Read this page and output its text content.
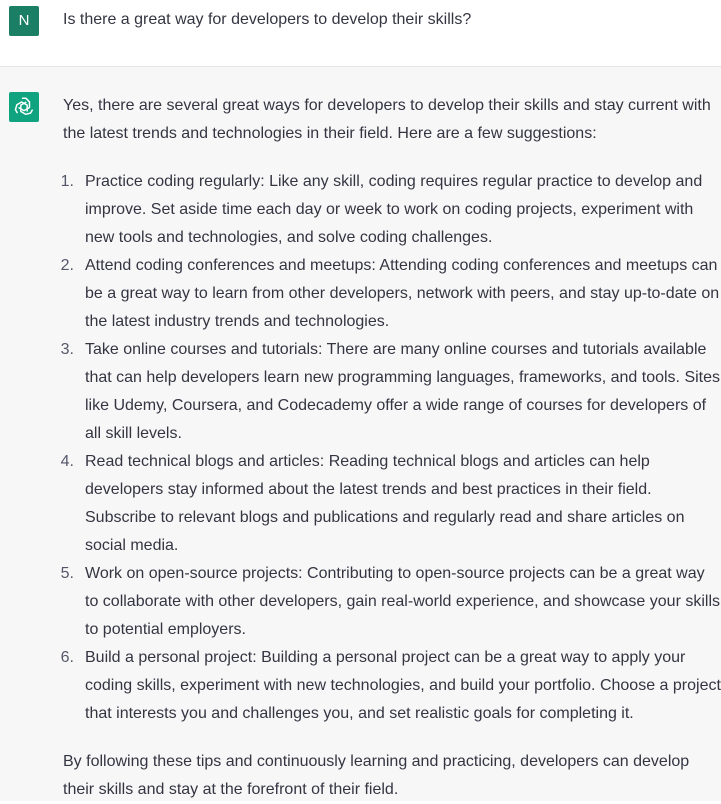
N	Is there a great way for developers to develop their skills?

Yes, there are several great ways for developers to develop their skills and stay current with the latest trends and technologies in their field. Here are a few suggestions:

1. Practice coding regularly: Like any skill, coding requires regular practice to develop and improve. Set aside time each day or week to work on coding projects, experiment with new tools and technologies, and solve coding challenges.
2. Attend coding conferences and meetups: Attending coding conferences and meetups can be a great way to learn from other developers, network with peers, and stay up-to-date on the latest industry trends and technologies.
3. Take online courses and tutorials: There are many online courses and tutorials available that can help developers learn new programming languages, frameworks, and tools. Sites like Udemy, Coursera, and Codecademy offer a wide range of courses for developers of all skill levels.
4. Read technical blogs and articles: Reading technical blogs and articles can help developers stay informed about the latest trends and best practices in their field. Subscribe to relevant blogs and publications and regularly read and share articles on social media.
5. Work on open-source projects: Contributing to open-source projects can be a great way to collaborate with other developers, gain real-world experience, and showcase your skills to potential employers.
6. Build a personal project: Building a personal project can be a great way to apply your coding skills, experiment with new technologies, and build your portfolio. Choose a project that interests you and challenges you, and set realistic goals for completing it.

By following these tips and continuously learning and practicing, developers can develop their skills and stay at the forefront of their field.
